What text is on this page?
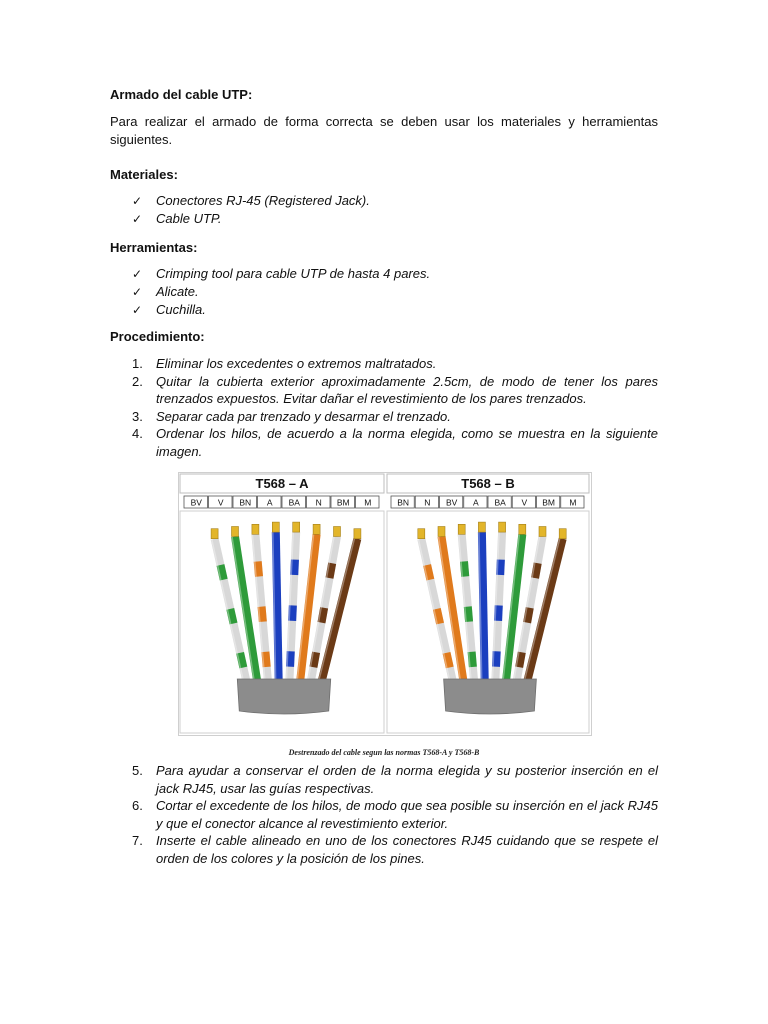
Armado del cable UTP:
Para realizar el armado de forma correcta se deben usar los materiales y herramientas siguientes.
Materiales:
✓ Conectores RJ-45 (Registered Jack).
✓ Cable UTP.
Herramientas:
✓ Crimping tool para cable UTP de hasta 4 pares.
✓ Alicate.
✓ Cuchilla.
Procedimiento:
1. Eliminar los excedentes o extremos maltratados.
2. Quitar la cubierta exterior aproximadamente 2.5cm, de modo de tener los pares trenzados expuestos. Evitar dañar el revestimiento de los pares trenzados.
3. Separar cada par trenzado y desarmar el trenzado.
4. Ordenar los hilos, de acuerdo a la norma elegida, como se muestra en la siguiente imagen.
T568 – A
BV V BN A BA N BM M
T568 – B
BN N BV A BA V BM M
Destrenzado del cable segun las normas T568-A y T568-B
5. Para ayudar a conservar el orden de la norma elegida y su posterior inserción en el jack RJ45, usar las guías respectivas.
6. Cortar el excedente de los hilos, de modo que sea posible su inserción en el jack RJ45 y que el conector alcance al revestimiento exterior.
7. Inserte el cable alineado en uno de los conectores RJ45 cuidando que se respete el orden de los colores y la posición de los pines.
